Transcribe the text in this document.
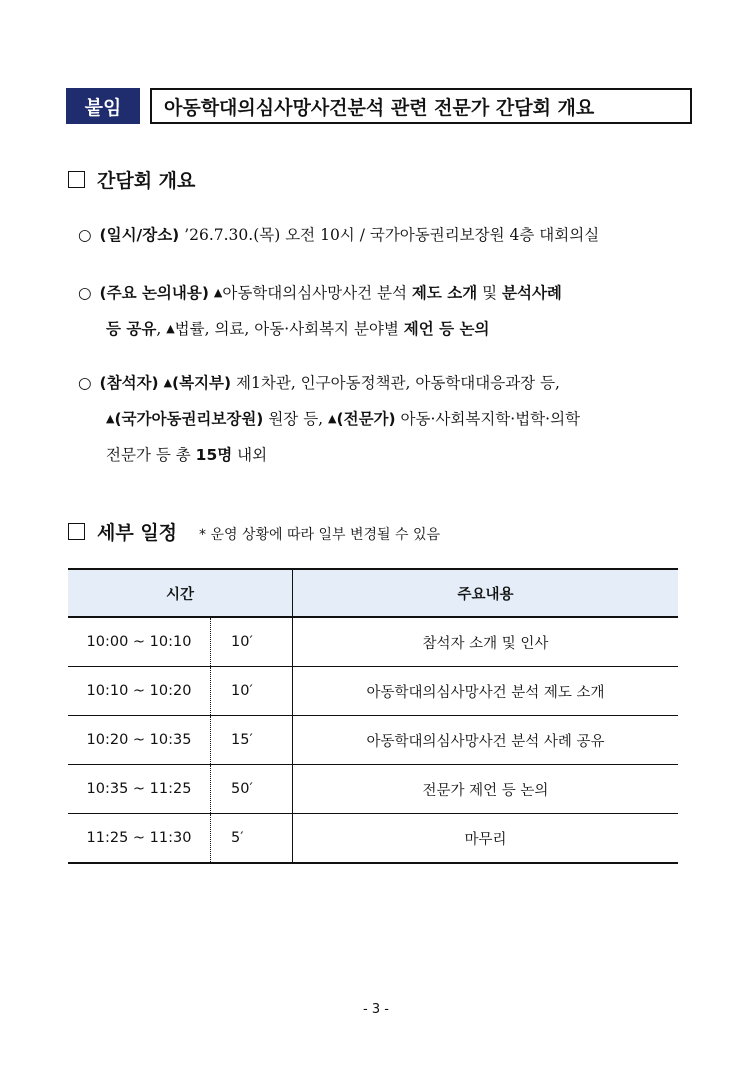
붙임	아동학대의심사망사건분석 관련 전문가 간담회 개요
간담회 개요
○ (일시/장소) ’26.7.30.(목) 오전 10시 / 국가아동권리보장원 4층 대회의실
○ (주요 논의내용) ▲아동학대의심사망사건 분석 제도 소개 및 분석사례
등 공유, ▲법률, 의료, 아동·사회복지 분야별 제언 등 논의
○ (참석자) ▲(복지부) 제1차관, 인구아동정책관, 아동학대대응과장 등,
▲(국가아동권리보장원) 원장 등, ▲(전문가) 아동·사회복지학·법학·의학
전문가 등 총 15명 내외
세부 일정 * 운영 상황에 따라 일부 변경될 수 있음
시간		주요내용
10:00 ~ 10:10	10′	참석자 소개 및 인사
10:10 ~ 10:20	10′	아동학대의심사망사건 분석 제도 소개
10:20 ~ 10:35	15′	아동학대의심사망사건 분석 사례 공유
10:35 ~ 11:25	50′	전문가 제언 등 논의
11:25 ~ 11:30	5′	마무리
- 3 -
